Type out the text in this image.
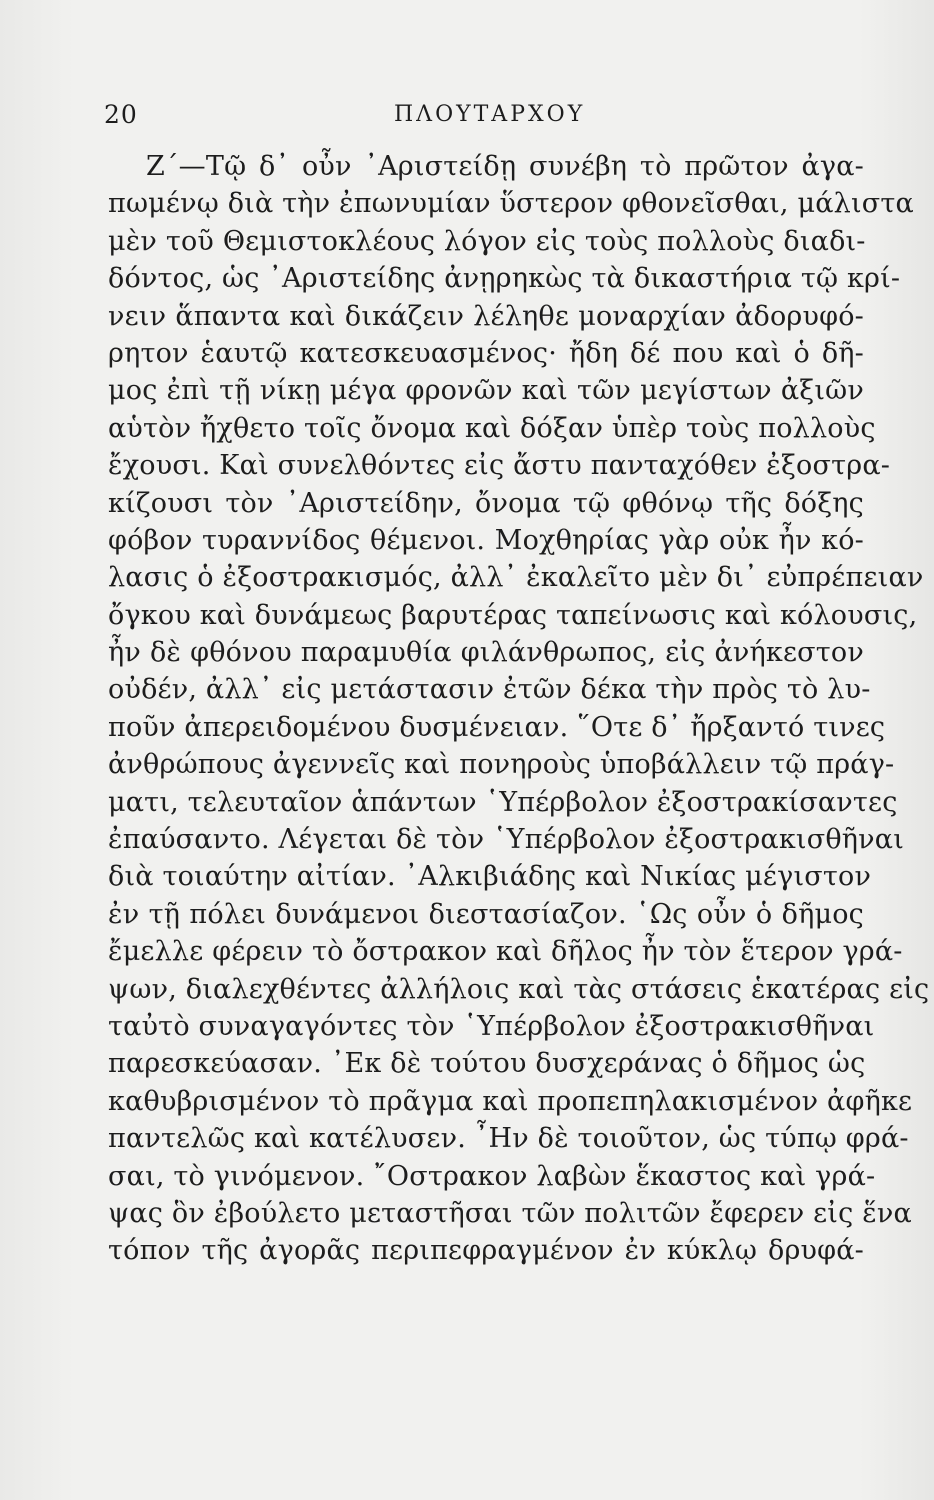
20	ΠΛΟΥΤΑΡΧΟΥ
Ζ΄—Τῷ δ᾽ οὖν ᾽Αριστείδῃ συνέβη τὸ πρῶτον ἀγα-
πωμένῳ διὰ τὴν ἐπωνυμίαν ὕστερον φθονεῖσθαι, μάλιστα
μὲν τοῦ Θεμιστοκλέους λόγον εἰς τοὺς πολλοὺς διαδι-
δόντος, ὡς ᾽Αριστείδης ἀνῃρηκὼς τὰ δικαστήρια τῷ κρί-
νειν ἅπαντα καὶ δικάζειν λέληθε μοναρχίαν ἀδορυφό-
ρητον ἑαυτῷ κατεσκευασμένος· ἤδη δέ που καὶ ὁ δῆ-
μος ἐπὶ τῇ νίκῃ μέγα φρονῶν καὶ τῶν μεγίστων ἀξιῶν
αὑτὸν ἤχθετο τοῖς ὄνομα καὶ δόξαν ὑπὲρ τοὺς πολλοὺς
ἔχουσι. Καὶ συνελθόντες εἰς ἄστυ πανταχόθεν ἐξοστρα-
κίζουσι τὸν ᾽Αριστείδην, ὄνομα τῷ φθόνῳ τῆς δόξης
φόβον τυραννίδος θέμενοι. Μοχθηρίας γὰρ οὐκ ἦν κό-
λασις ὁ ἐξοστρακισμός, ἀλλ᾽ ἐκαλεῖτο μὲν δι᾽ εὐπρέπειαν
ὄγκου καὶ δυνάμεως βαρυτέρας ταπείνωσις καὶ κόλουσις,
ἦν δὲ φθόνου παραμυθία φιλάνθρωπος, εἰς ἀνήκεστον
οὐδέν, ἀλλ᾽ εἰς μετάστασιν ἐτῶν δέκα τὴν πρὸς τὸ λυ-
ποῦν ἀπερειδομένου δυσμένειαν. ῞Οτε δ᾽ ἤρξαντό τινες
ἀνθρώπους ἀγεννεῖς καὶ πονηροὺς ὑποβάλλειν τῷ πράγ-
ματι, τελευταῖον ἁπάντων ῾Υπέρβολον ἐξοστρακίσαντες
ἐπαύσαντο. Λέγεται δὲ τὸν ῾Υπέρβολον ἐξοστρακισθῆναι
διὰ τοιαύτην αἰτίαν. ᾽Αλκιβιάδης καὶ Νικίας μέγιστον
ἐν τῇ πόλει δυνάμενοι διεστασίαζον. ῾Ως οὖν ὁ δῆμος
ἔμελλε φέρειν τὸ ὄστρακον καὶ δῆλος ἦν τὸν ἕτερον γρά-
ψων, διαλεχθέντες ἀλλήλοις καὶ τὰς στάσεις ἑκατέρας εἰς
ταὐτὸ συναγαγόντες τὸν ῾Υπέρβολον ἐξοστρακισθῆναι
παρεσκεύασαν. ᾽Εκ δὲ τούτου δυσχεράνας ὁ δῆμος ὡς
καθυβρισμένον τὸ πρᾶγμα καὶ προπεπηλακισμένον ἀφῆκε
παντελῶς καὶ κατέλυσεν. ῏Ην δὲ τοιοῦτον, ὡς τύπῳ φρά-
σαι, τὸ γινόμενον. ῎Οστρακον λαβὼν ἕκαστος καὶ γρά-
ψας ὃν ἐβούλετο μεταστῆσαι τῶν πολιτῶν ἔφερεν εἰς ἕνα
τόπον τῆς ἀγορᾶς περιπεφραγμένον ἐν κύκλῳ δρυφά-
